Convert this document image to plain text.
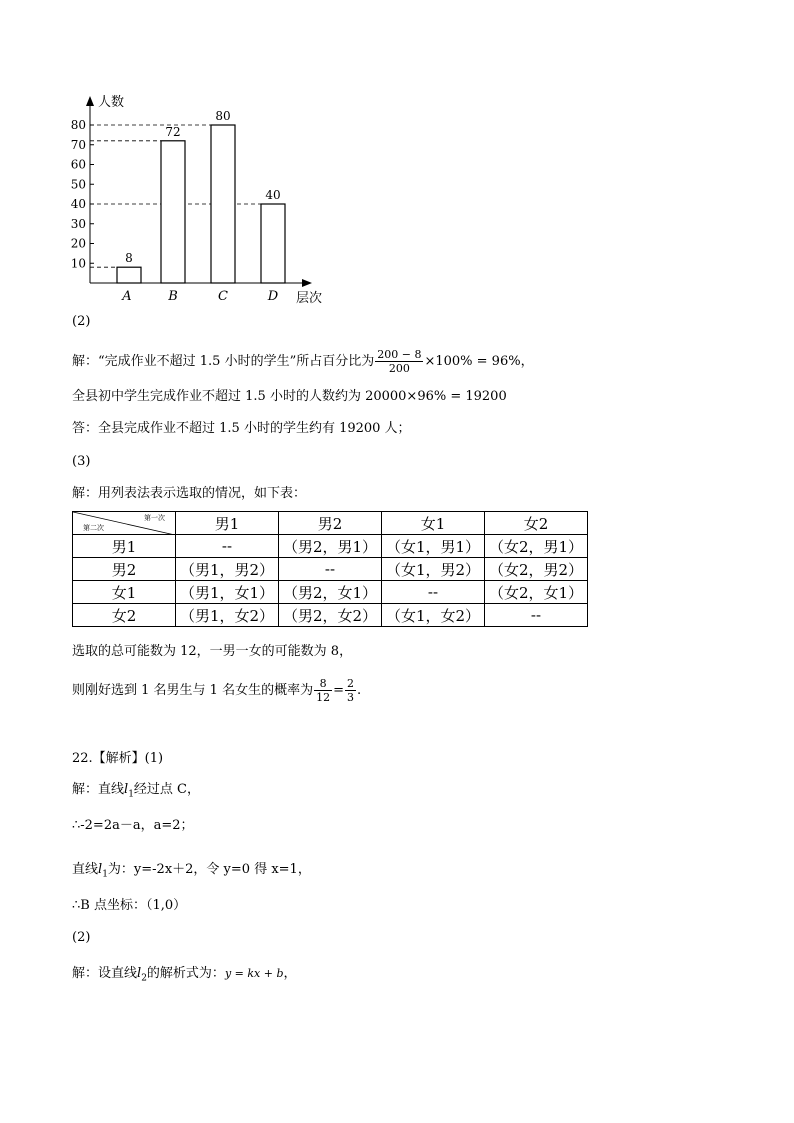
人数
层次
10
20
30
40
50
60
70
80
8
A
72
B
80
C
40
D
(2)
解：“完成作业不超过 1.5 小时的学生”所占百分比为 $\frac{200 - 8}{200} \times 100\% = 96\%$，
全县初中学生完成作业不超过 1.5 小时的人数约为 20000×96% = 19200
答：全县完成作业不超过 1.5 小时的学生约有 19200 人；
(3)
解：用列表法表示选取的情况，如下表：
第一次
第二次	男1	男2	女1	女2
男1	--	（男2，男1）	（女1，男1）	（女2，男1）
男2	（男1，男2）	--	（女1，男2）	（女2，男2）
女1	（男1，女1）	（男2，女1）	--	（女2，女1）
女2	（男1，女2）	（男2，女2）	（女1，女2）	--
选取的总可能数为 12，一男一女的可能数为 8，
则刚好选到 1 名男生与 1 名女生的概率为 $\frac{8}{12} = \frac{2}{3}$ .
22.【解析】(1)
解：直线$l_1$经过点 C，
∴-2=2a－a，a=2；
直线$l_1$为：y=-2x＋2，令 y=0 得 x=1，
∴B 点坐标：（1,0）
(2)
解：设直线$l_2$的解析式为：y = kx + b，
